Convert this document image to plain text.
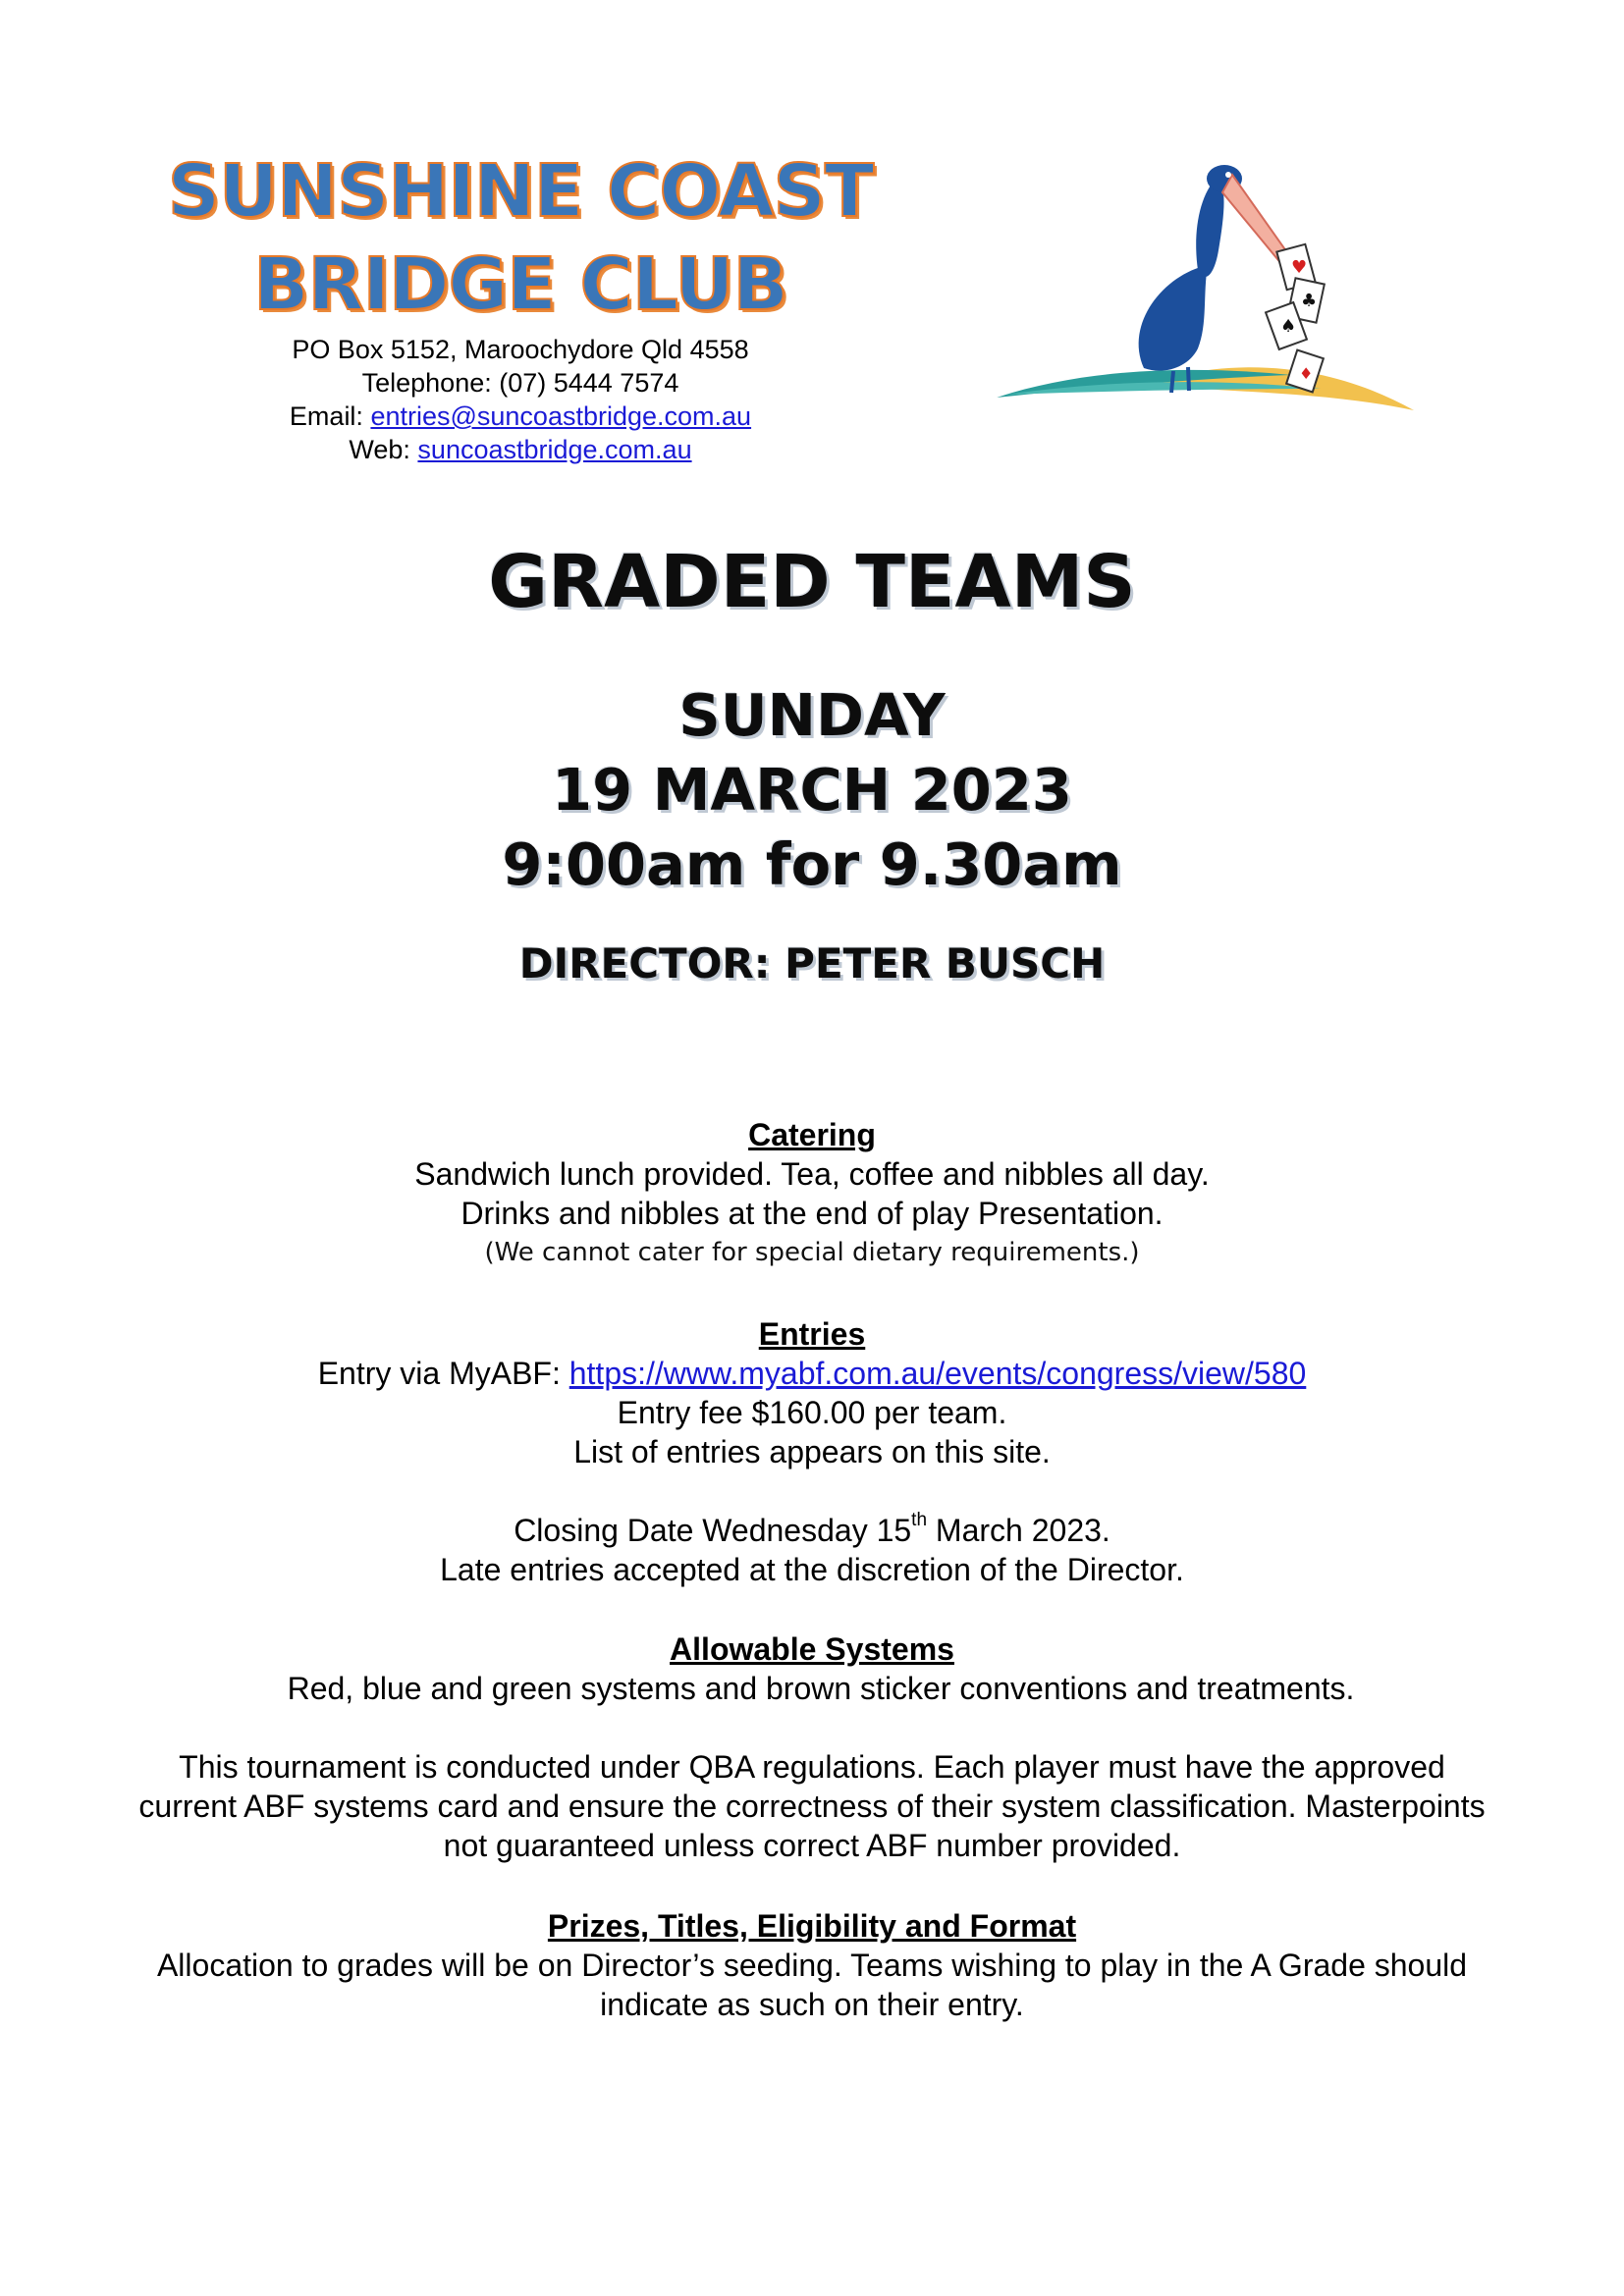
SUNSHINE COAST
BRIDGE CLUB
PO Box 5152, Maroochydore Qld 4558
Telephone: (07) 5444 7574
Email: entries@suncoastbridge.com.au
Web: suncoastbridge.com.au
♥
♣
♠
♦
GRADED TEAMS
SUNDAY
19 MARCH 2023
9:00am for 9.30am
DIRECTOR: PETER BUSCH
Catering
Sandwich lunch provided. Tea, coffee and nibbles all day.
Drinks and nibbles at the end of play Presentation.
(We cannot cater for special dietary requirements.)
Entries
Entry via MyABF: https://www.myabf.com.au/events/congress/view/580
Entry fee $160.00 per team.
List of entries appears on this site.
Closing Date Wednesday 15th March 2023.
Late entries accepted at the discretion of the Director.
Allowable Systems
Red, blue and green systems and brown sticker conventions and treatments.
This tournament is conducted under QBA regulations. Each player must have the approved
current ABF systems card and ensure the correctness of their system classification. Masterpoints
not guaranteed unless correct ABF number provided.
Prizes, Titles, Eligibility and Format
Allocation to grades will be on Director’s seeding. Teams wishing to play in the A Grade should
indicate as such on their entry.
